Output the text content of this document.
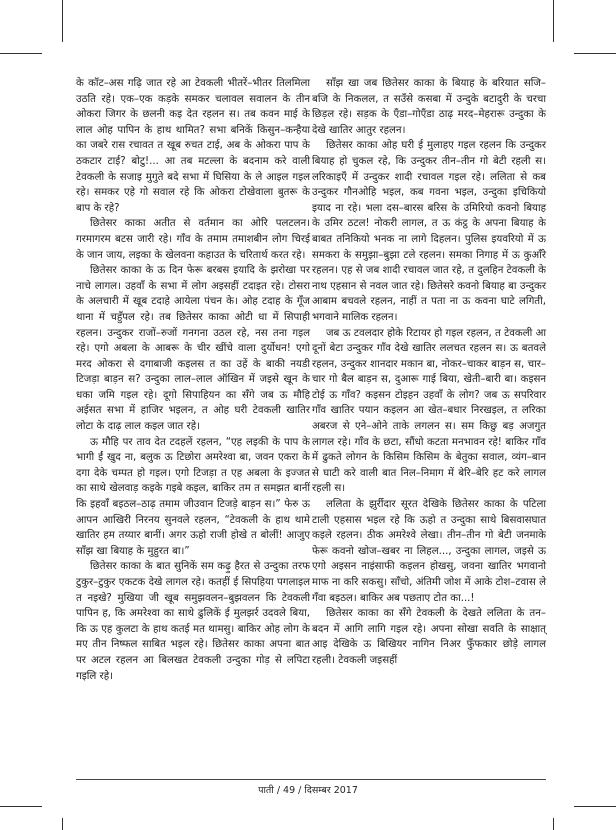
के कॉट–अस गढ़ि जात रहे आ टेवकली भीतरें–भीतर तिलमिला उठति रहे। एक–एक कड़के समकर चलावल सवालन के तीन ओकरा जिगर के छलनी कइ देत रहलन स। तब कवन माई के लाल ओह पापिन के हाथ थामित? सभा बनिकें किसुन–कन्हैया का जबरे रास रचावत त खूब रुचत टाई, अब के ओकरा पाप के ठकटार टाई? बोटु!... आ तब मटल्ला के बदनाम करे वाली टेवकली के सजाइ मुगुते बदे सभा में घिसिया के ले आइल गइल रहे। समकर एहे गो सवाल रहे कि ओकरा टोखेवाला बुतरू के बाप के रहे?

छितेसर काका अतीत से वर्तमान का ओरि पलटलन। गरमागरम बटस जारी रहे। गाँव के तमाम तमाशबीन लोग चिरई के जान जाय, लइका के खेलवना कहाउत के चरितार्थ करत रहे।

छितेसर काका के ऊ दिन फेरू बरबस इयादि के झरोखा पर नाचे लागल। उहवाँ के सभा में लोग अइसहीं टदाइत रहे। टोसरा के अलचारी में खूब टदाहे आयेला पंचन के। ओह टदाह के गूँज थाना में चहुँपल रहे। तब छितेसर काका ओटी धा में सिपाही रहलन। उन्दुकर राजों–रुजों गनगना उठल रहे, नस तना गइल रहे। एगो अबला के आबरू के चीर खींचे वाला दुर्योधन! एगो मरद ओकरा से दगाबाजी कइलस त का उहें के बाकी नयडी टिजड़ा बाड़न स? उन्दुका लाल–लाल ऑखिन में जइसे खून के धका जमि गइल रहे। दूगो सिपाहियन का सँगे जब ऊ मौहि अईसत सभा में हाजिर भइलन, त ओह घरी टेवकली खातिर लोटा के दाढ़ लाल कइल जात रहे।

ऊ मौहि पर ताव देत टदहलें रहलन, “एह लइकी के पाप के भागी ईं खुद ना, बलुक ऊ टिछोरा अमरेश्वा बा, जवन एकरा के दगा देके चम्पत हो गइल। एगो टिजड़ा त एह अबला के इज्जत का साथे खेलवाड़ कइके गइबे कइल, बाकिर तम त समझत बानीं कि इहवाँ बइठल–ठाढ़ तमाम जीउवान टिजड़े बाड़न स।” फेरु ऊ आपन आखिरी निरनय सुनवले रहलन, “टेवकली के हाथ थामे खातिर हम तय्यार बानीं। अगर ऊहो राजी होखे त बोलीं! आजुए साँझ खा बियाह के मुहुरत बा।”

छितेसर काका के बात सुनिकें सम कढ़ु हैरत से उन्दुका तरफ टुकुर–टुकुर एकटक देखे लागल रहे। कतहीं ई सिपहिया पगलाइल त नइखे? मुखिया जी खूब समुझवलन–बुझवलन कि टेवकली पापिन ह, कि अमरेश्वा का साथे ढुलिकें ई मुलझर्र उदवले बिया, कि ऊ एह कुलटा के हाथ कतई मत थामसु। बाकिर ओह लोग के मए तीन निष्फल साबित भइल रहे। छितेसर काका अपना बात पर अटल रहलन आ बिलखत टेवकली उन्दुका गोड़ से लपिटा गइलि रहे।

साँझ खा जब छितेसर काका के बियाह के बरियात सजि–बजि के निकलल, त सउँसे कसबा में उन्दुके बटादुरी के चरचा छिड़ल रहे। सड़क के एँडा–गोएँडा ठाढ़ मरद–मेहरारू उन्दुका के देखे खातिर आतुर रहलन।

छितेसर काका ओह घरी ई मुलाहए गइल रहलन कि उन्दुकर बियाह हो चुकल रहे, कि उन्दुकर तीन–तीन गो बेटी रहली स। लरिकाइएँ में उन्दुकर शादी रचावल गइल रहे। ललिता से कब उन्दुकर गौनओहि भइल, कब गवना भइल, उन्दुका इचिकियो इयाद ना रहे। भला दस–बारस बरिस के उमिरियो कवनो बियाह के उमिर ठटल! नोकरी लागल, त ऊ कंट्ठ के अपना बियाह के बाबत तनिकियो भनक ना लागे दिहलन। पुलिस इयवरियो में ऊ समकरा के समुझा–बुझा टले रहलन। समका निगाह में ऊ कुआँरे रहलन। एह से जब शादी रचावल जात रहे, त दुलहिन टेवकली के नाथ एहसान से नवल जात रहे। छितेसरे कवनो बियाह बा उन्दुकर आबाम बचवले रहलन, नाहीं त पता ना ऊ कवना घाटे लगिती, भगवाने मालिक रहलन।

जब ऊ टवलदार होके रिटायर हो गइल रहलन, त टेवकली आ दूनों बेटा उन्दुकर गाँव देखे खातिर ललचत रहलन स। ऊ बतवले रहलन, उन्दुकर शानदार मकान बा, नोकर–चाकर बाड़न स, चार–चार गो बैल बाड़न स, दुआरू गाई बिया, खेती–बारी बा। कइसन टोई ऊ गाँव? कइसन टोइहन उहवाँ के लोग? जब ऊ सपरिवार गाँव खातिर पयान कइलन आ खेत–बधार निरखइल, त लरिका अबरज से एने–ओने ताके लगलन स। सम किछु बड़ अजगुत लागल रहे। गाँव के छटा, सौंधो कटता मनभावन रहे! बाकिर गाँव में ढुकते लोगन के किसिम किसिम के बेतुका सवाल, व्यंग–बान से घाटी करे वाली बात निल–निमाग में बेरि–बेरि हट करे लागल रहली स।

ललिता के झुर्रीदार सूरत देखिके छितेसर काका के पटिला टाली एहसास भइल रहे कि ऊहो त उन्दुका साथे बिसवासघात कइले रहलन। ठीक अमरेश्वे लेखा। तीन–तीन गो बेटी जनमाके फेरू कवनो खोज–खबर ना लिहल..., उन्दुका लागल, जइसे ऊ एगो अइसन नाइंसाफी कइलन होखसु, जवना खातिर भगवानो माफ ना करि सकसु। साँचो, अंतिमी जोश में आके टोश–टवास ले गँवा बइठल। बाकिर अब पछताए टोत का...!

छितेसर काका का सँगे टेवकली के देखते ललिता के तन–बदन में आगि लागि गइल रहे। अपना सोखा सवति के साक्षात् आइ देखिके ऊ बिखियर नागिन निअर फुँफकार छोड़े लागल रहली। टेवकली जइसहीं

पाती / 49 / दिसम्बर 2017
